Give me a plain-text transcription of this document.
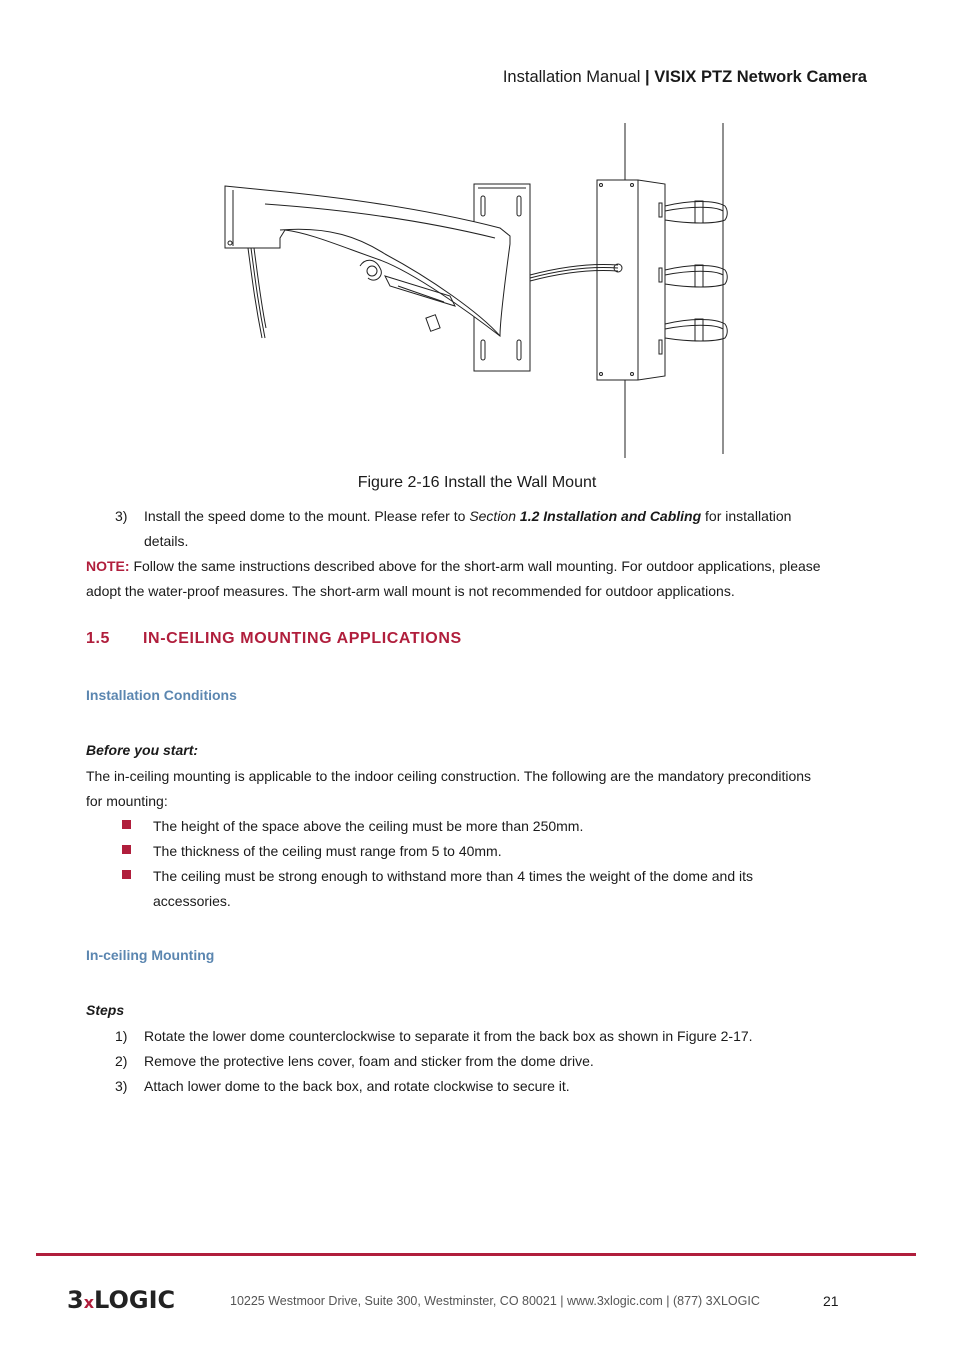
Installation Manual | VISIX PTZ Network Camera
Figure 2-16 Install the Wall Mount
3)	Install the speed dome to the mount. Please refer to Section 1.2 Installation and Cabling for installation
details.
NOTE: Follow the same instructions described above for the short-arm wall mounting. For outdoor applications, please
adopt the water-proof measures. The short-arm wall mount is not recommended for outdoor applications.
1.5 IN-CEILING MOUNTING APPLICATIONS
Installation Conditions
Before you start:
The in-ceiling mounting is applicable to the indoor ceiling construction. The following are the mandatory preconditions
for mounting:
The height of the space above the ceiling must be more than 250mm.
The thickness of the ceiling must range from 5 to 40mm.
The ceiling must be strong enough to withstand more than 4 times the weight of the dome and its
accessories.
In-ceiling Mounting
Steps
1)	Rotate the lower dome counterclockwise to separate it from the back box as shown in Figure 2-17.
2)	Remove the protective lens cover, foam and sticker from the dome drive.
3)	Attach lower dome to the back box, and rotate clockwise to secure it.
3xLOGIC	10225 Westmoor Drive, Suite 300, Westminster, CO 80021 | www.3xlogic.com | (877) 3XLOGIC	21
